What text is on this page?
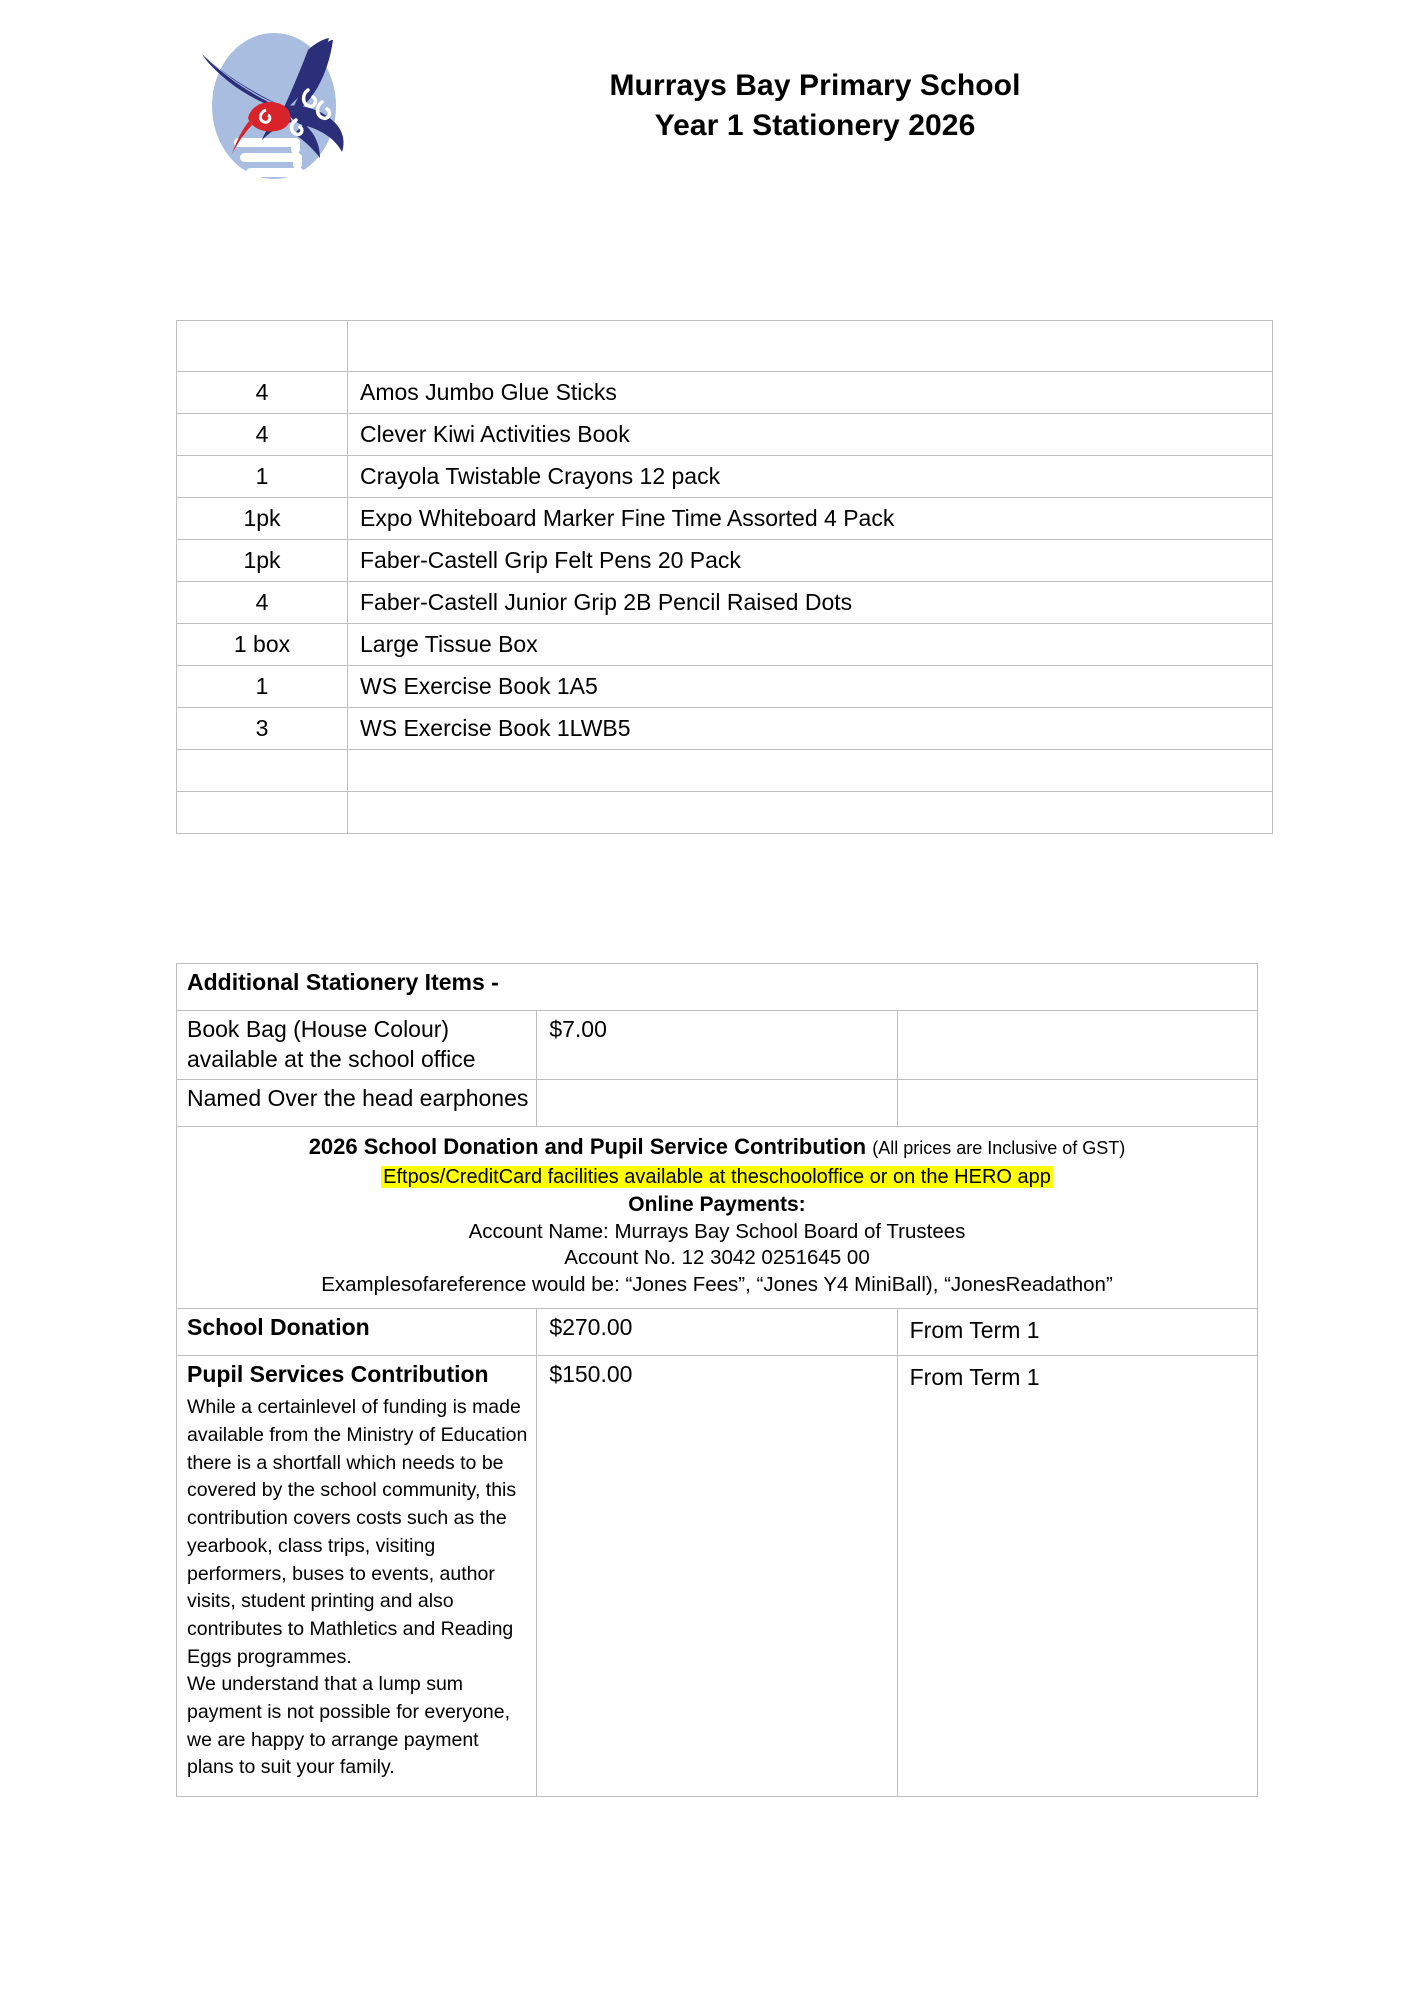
Murrays Bay Primary School
Year 1 Stationery 2026

4	Amos Jumbo Glue Sticks
4	Clever Kiwi Activities Book
1	Crayola Twistable Crayons 12 pack
1pk	Expo Whiteboard Marker Fine Time Assorted 4 Pack
1pk	Faber-Castell Grip Felt Pens 20 Pack
4	Faber-Castell Junior Grip 2B Pencil Raised Dots
1 box	Large Tissue Box
1	WS Exercise Book 1A5
3	WS Exercise Book 1LWB5

Additional Stationery Items -		
Book Bag (House Colour) available at the school office	$7.00	
Named Over the head earphones		

2026 School Donation and Pupil Service Contribution (All prices are Inclusive of GST)
Eftpos/CreditCard facilities available at theschooloffice or on the HERO app
Online Payments:
Account Name: Murrays Bay School Board of Trustees
Account No. 12 3042 0251645 00
Examplesofareference would be: “Jones Fees”, “Jones Y4 MiniBall), “JonesReadathon”

School Donation	$270.00	From Term 1

Pupil Services Contribution

While a certainlevel of funding is made available from the Ministry of Education there is a shortfall which needs to be covered by the school community, this contribution covers costs such as the yearbook, class trips, visiting performers, buses to events, author visits, student printing and also contributes to Mathletics and Reading Eggs programmes.

We understand that a lump sum payment is not possible for everyone, we are happy to arrange payment plans to suit your family.	$150.00	From Term 1
